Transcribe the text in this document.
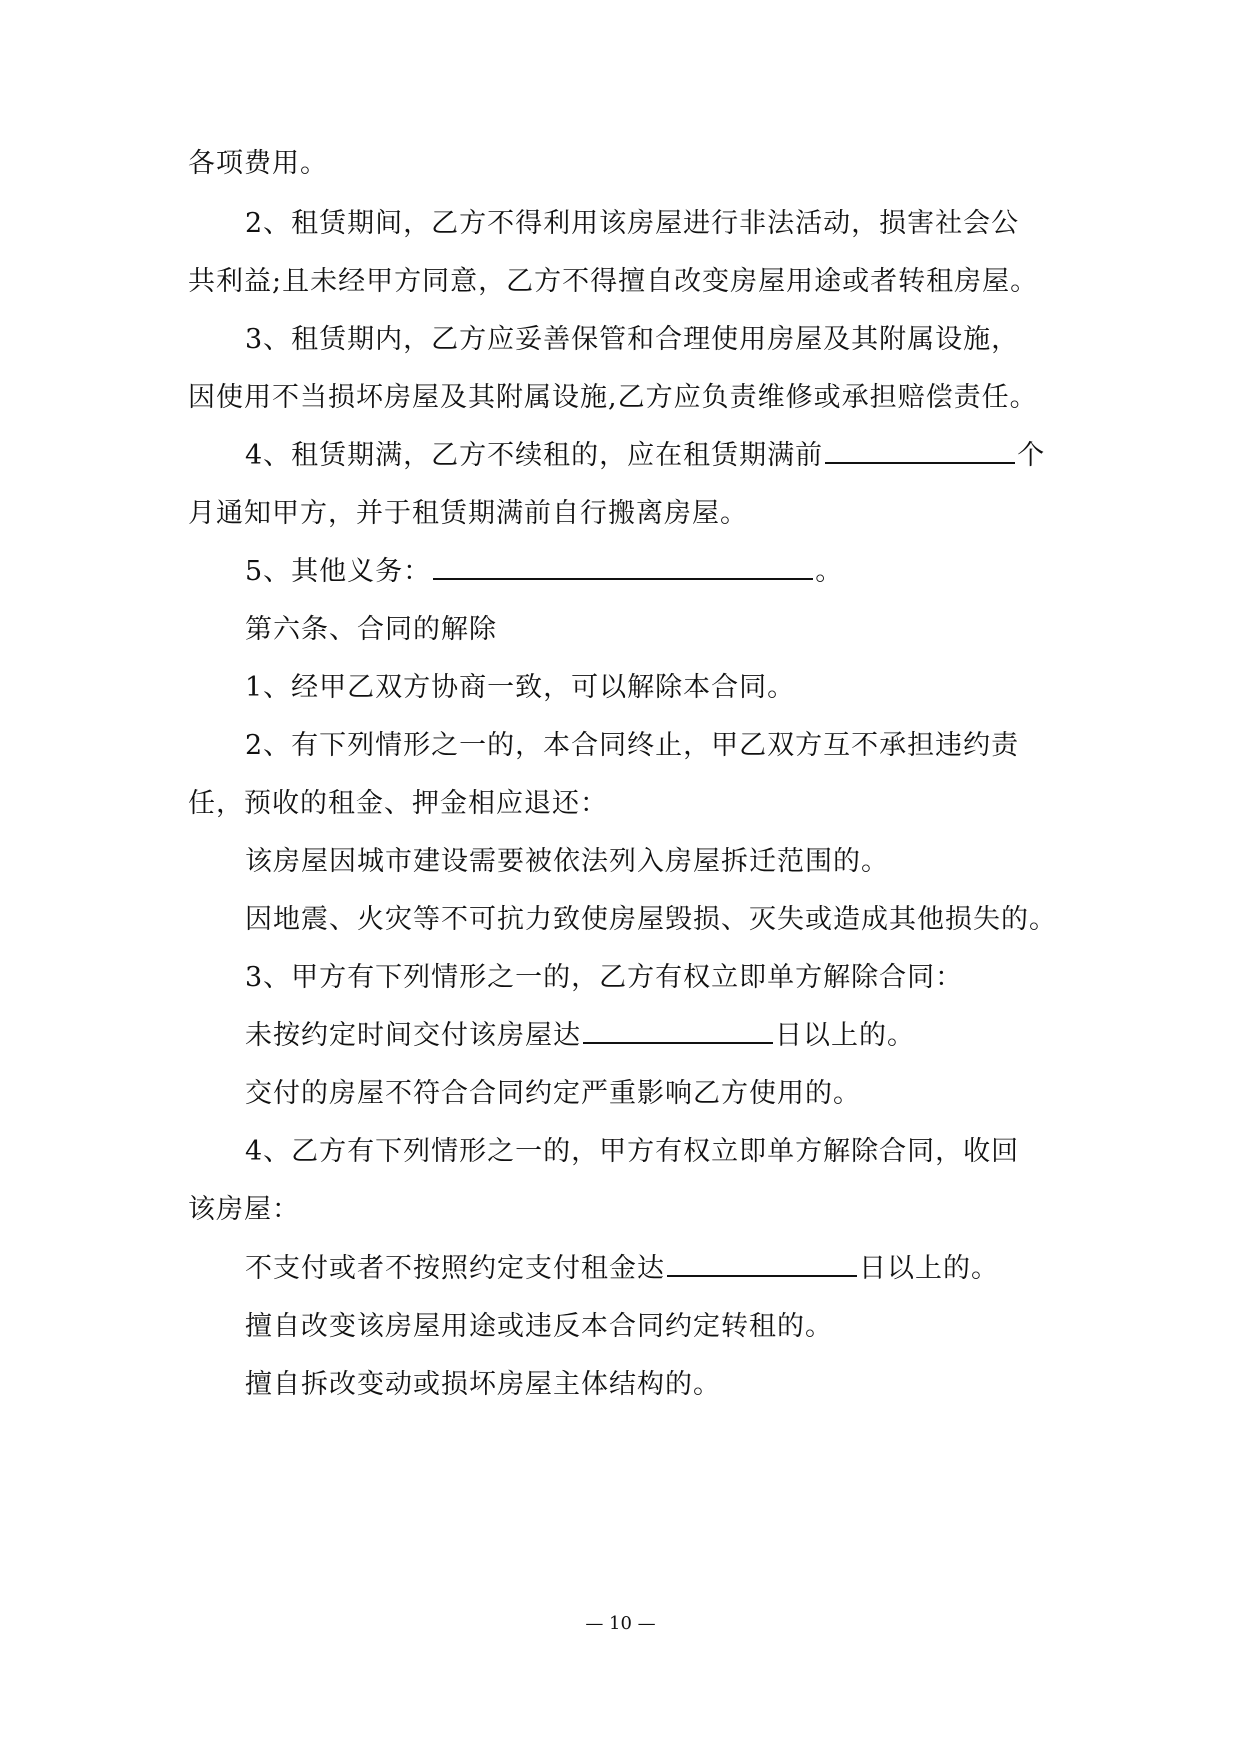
各项费用。
2、租赁期间，乙方不得利用该房屋进行非法活动，损害社会公
共利益;且未经甲方同意，乙方不得擅自改变房屋用途或者转租房屋。
3、租赁期内，乙方应妥善保管和合理使用房屋及其附属设施，
因使用不当损坏房屋及其附属设施,乙方应负责维修或承担赔偿责任。
4、租赁期满，乙方不续租的，应在租赁期满前	个
月通知甲方，并于租赁期满前自行搬离房屋。
5、其他义务：	。
第六条、合同的解除
1、经甲乙双方协商一致，可以解除本合同。
2、有下列情形之一的，本合同终止，甲乙双方互不承担违约责
任，预收的租金、押金相应退还：
该房屋因城市建设需要被依法列入房屋拆迁范围的。
因地震、火灾等不可抗力致使房屋毁损、灭失或造成其他损失的。
3、甲方有下列情形之一的，乙方有权立即单方解除合同：
未按约定时间交付该房屋达	日以上的。
交付的房屋不符合合同约定严重影响乙方使用的。
4、乙方有下列情形之一的，甲方有权立即单方解除合同，收回
该房屋：
不支付或者不按照约定支付租金达	日以上的。
擅自改变该房屋用途或违反本合同约定转租的。
擅自拆改变动或损坏房屋主体结构的。
— 10 —
